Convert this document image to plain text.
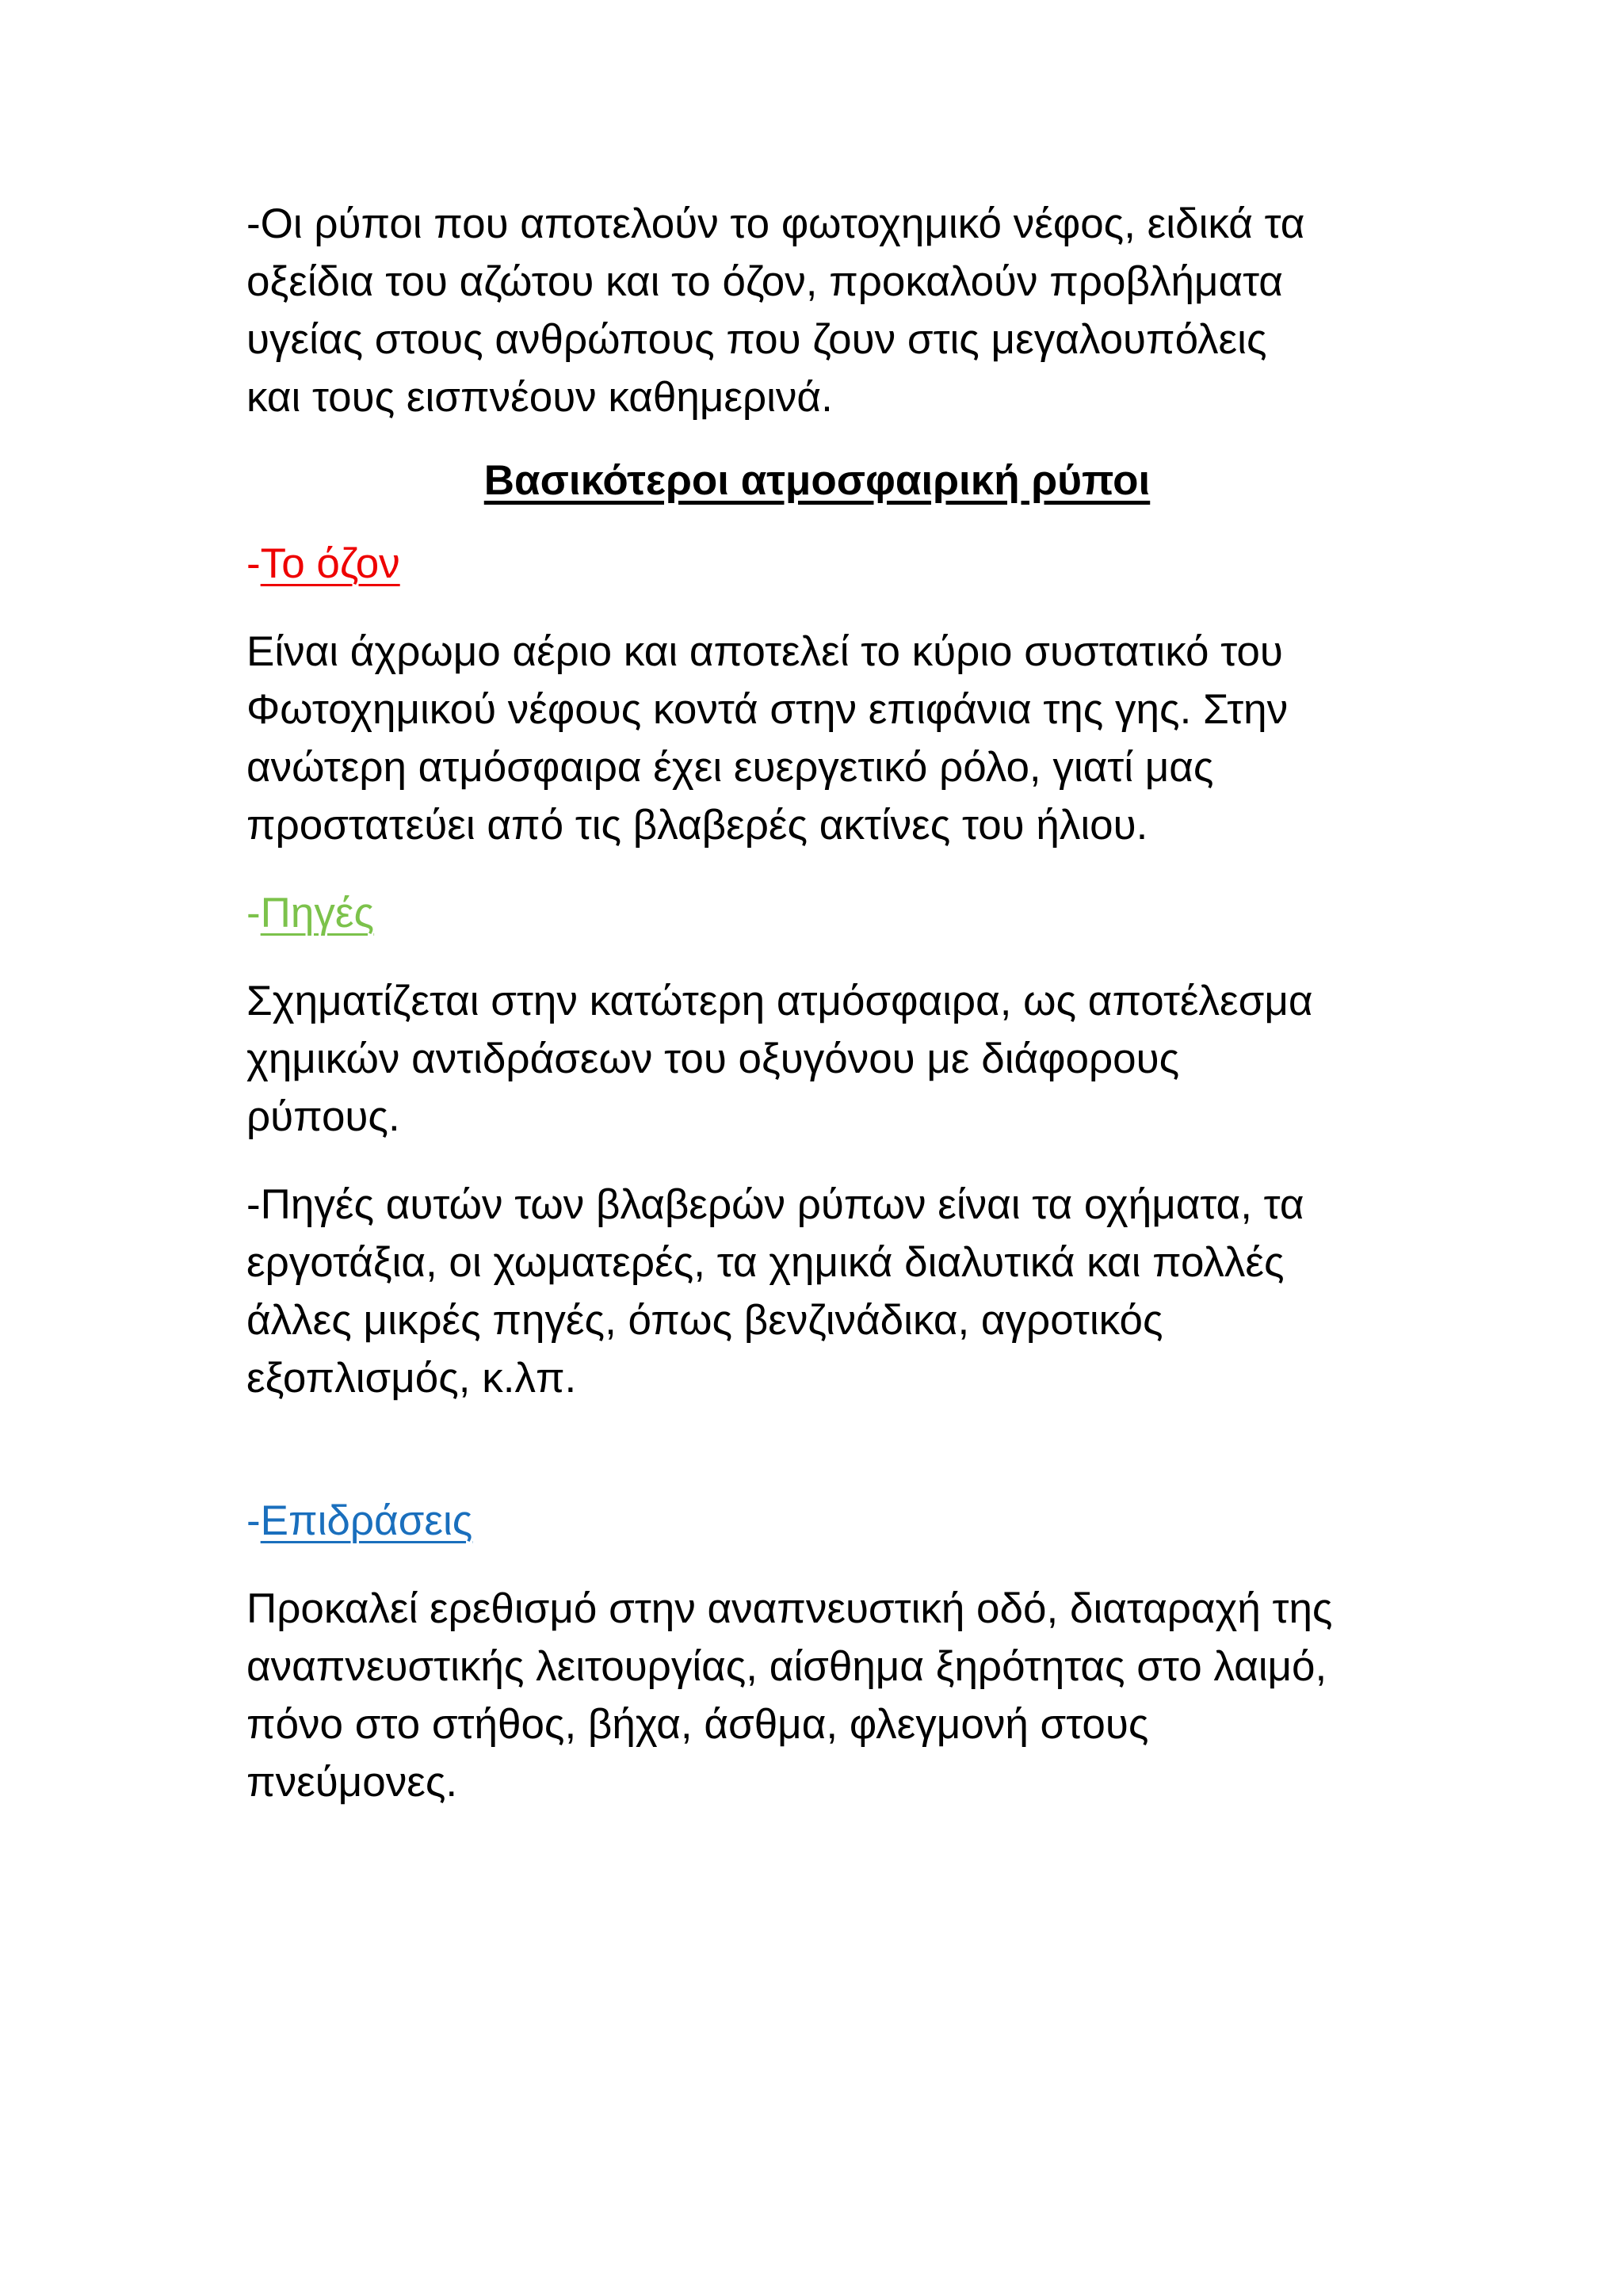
-Οι ρύποι που αποτελούν το φωτοχημικό νέφος, ειδικά τα
οξείδια του αζώτου και το όζον, προκαλούν προβλήματα
υγείας στους ανθρώπους που ζουν στις μεγαλουπόλεις
και τους εισπνέουν καθημερινά.

Βασικότεροι ατμοσφαιρική ρύποι

-Το όζον

Είναι άχρωμο αέριο και αποτελεί το κύριο συστατικό του
Φωτοχημικού νέφους κοντά στην επιφάνια της γης. Στην
ανώτερη ατμόσφαιρα έχει ευεργετικό ρόλο, γιατί μας
προστατεύει από τις βλαβερές ακτίνες του ήλιου.

-Πηγές

Σχηματίζεται στην κατώτερη ατμόσφαιρα, ως αποτέλεσμα
χημικών αντιδράσεων του οξυγόνου με διάφορους
ρύπους.

-Πηγές αυτών των βλαβερών ρύπων είναι τα οχήματα, τα
εργοτάξια, οι χωματερές, τα χημικά διαλυτικά και πολλές
άλλες μικρές πηγές, όπως βενζινάδικα, αγροτικός
εξοπλισμός, κ.λπ.

-Επιδράσεις

Προκαλεί ερεθισμό στην αναπνευστική οδό, διαταραχή της
αναπνευστικής λειτουργίας, αίσθημα ξηρότητας στο λαιμό,
πόνο στο στήθος, βήχα, άσθμα, φλεγμονή στους
πνεύμονες.
